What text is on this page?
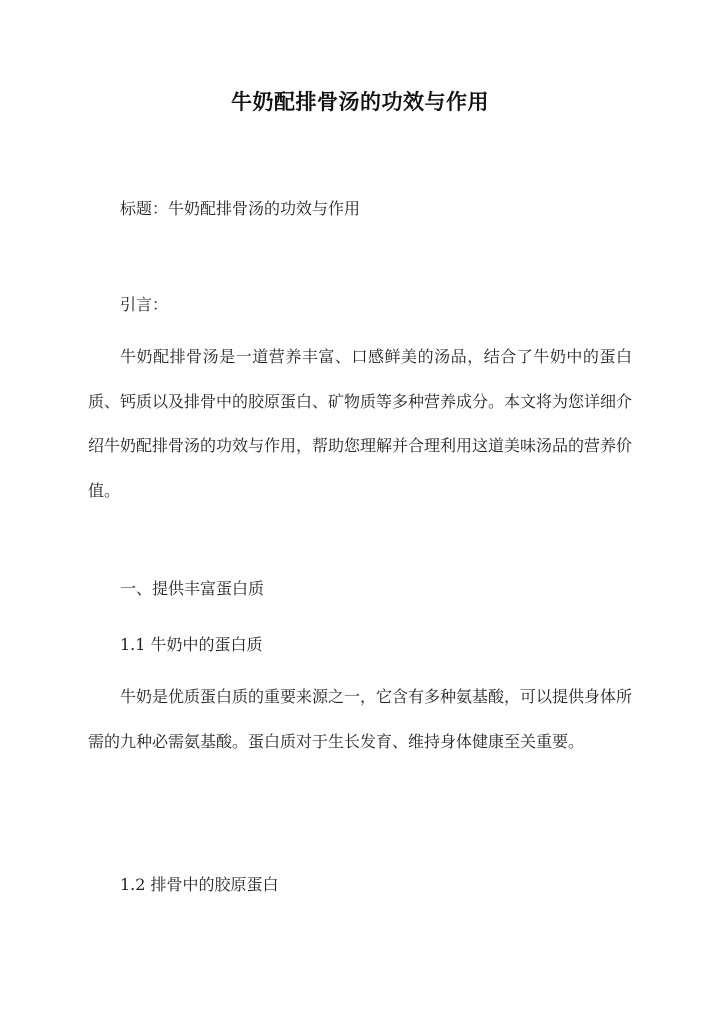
牛奶配排骨汤的功效与作用
标题：牛奶配排骨汤的功效与作用
引言：
牛奶配排骨汤是一道营养丰富、口感鲜美的汤品，结合了牛奶中的蛋白质、钙质以及排骨中的胶原蛋白、矿物质等多种营养成分。本文将为您详细介绍牛奶配排骨汤的功效与作用，帮助您理解并合理利用这道美味汤品的营养价值。
一、提供丰富蛋白质
1.1 牛奶中的蛋白质
牛奶是优质蛋白质的重要来源之一，它含有多种氨基酸，可以提供身体所需的九种必需氨基酸。蛋白质对于生长发育、维持身体健康至关重要。
1.2 排骨中的胶原蛋白
